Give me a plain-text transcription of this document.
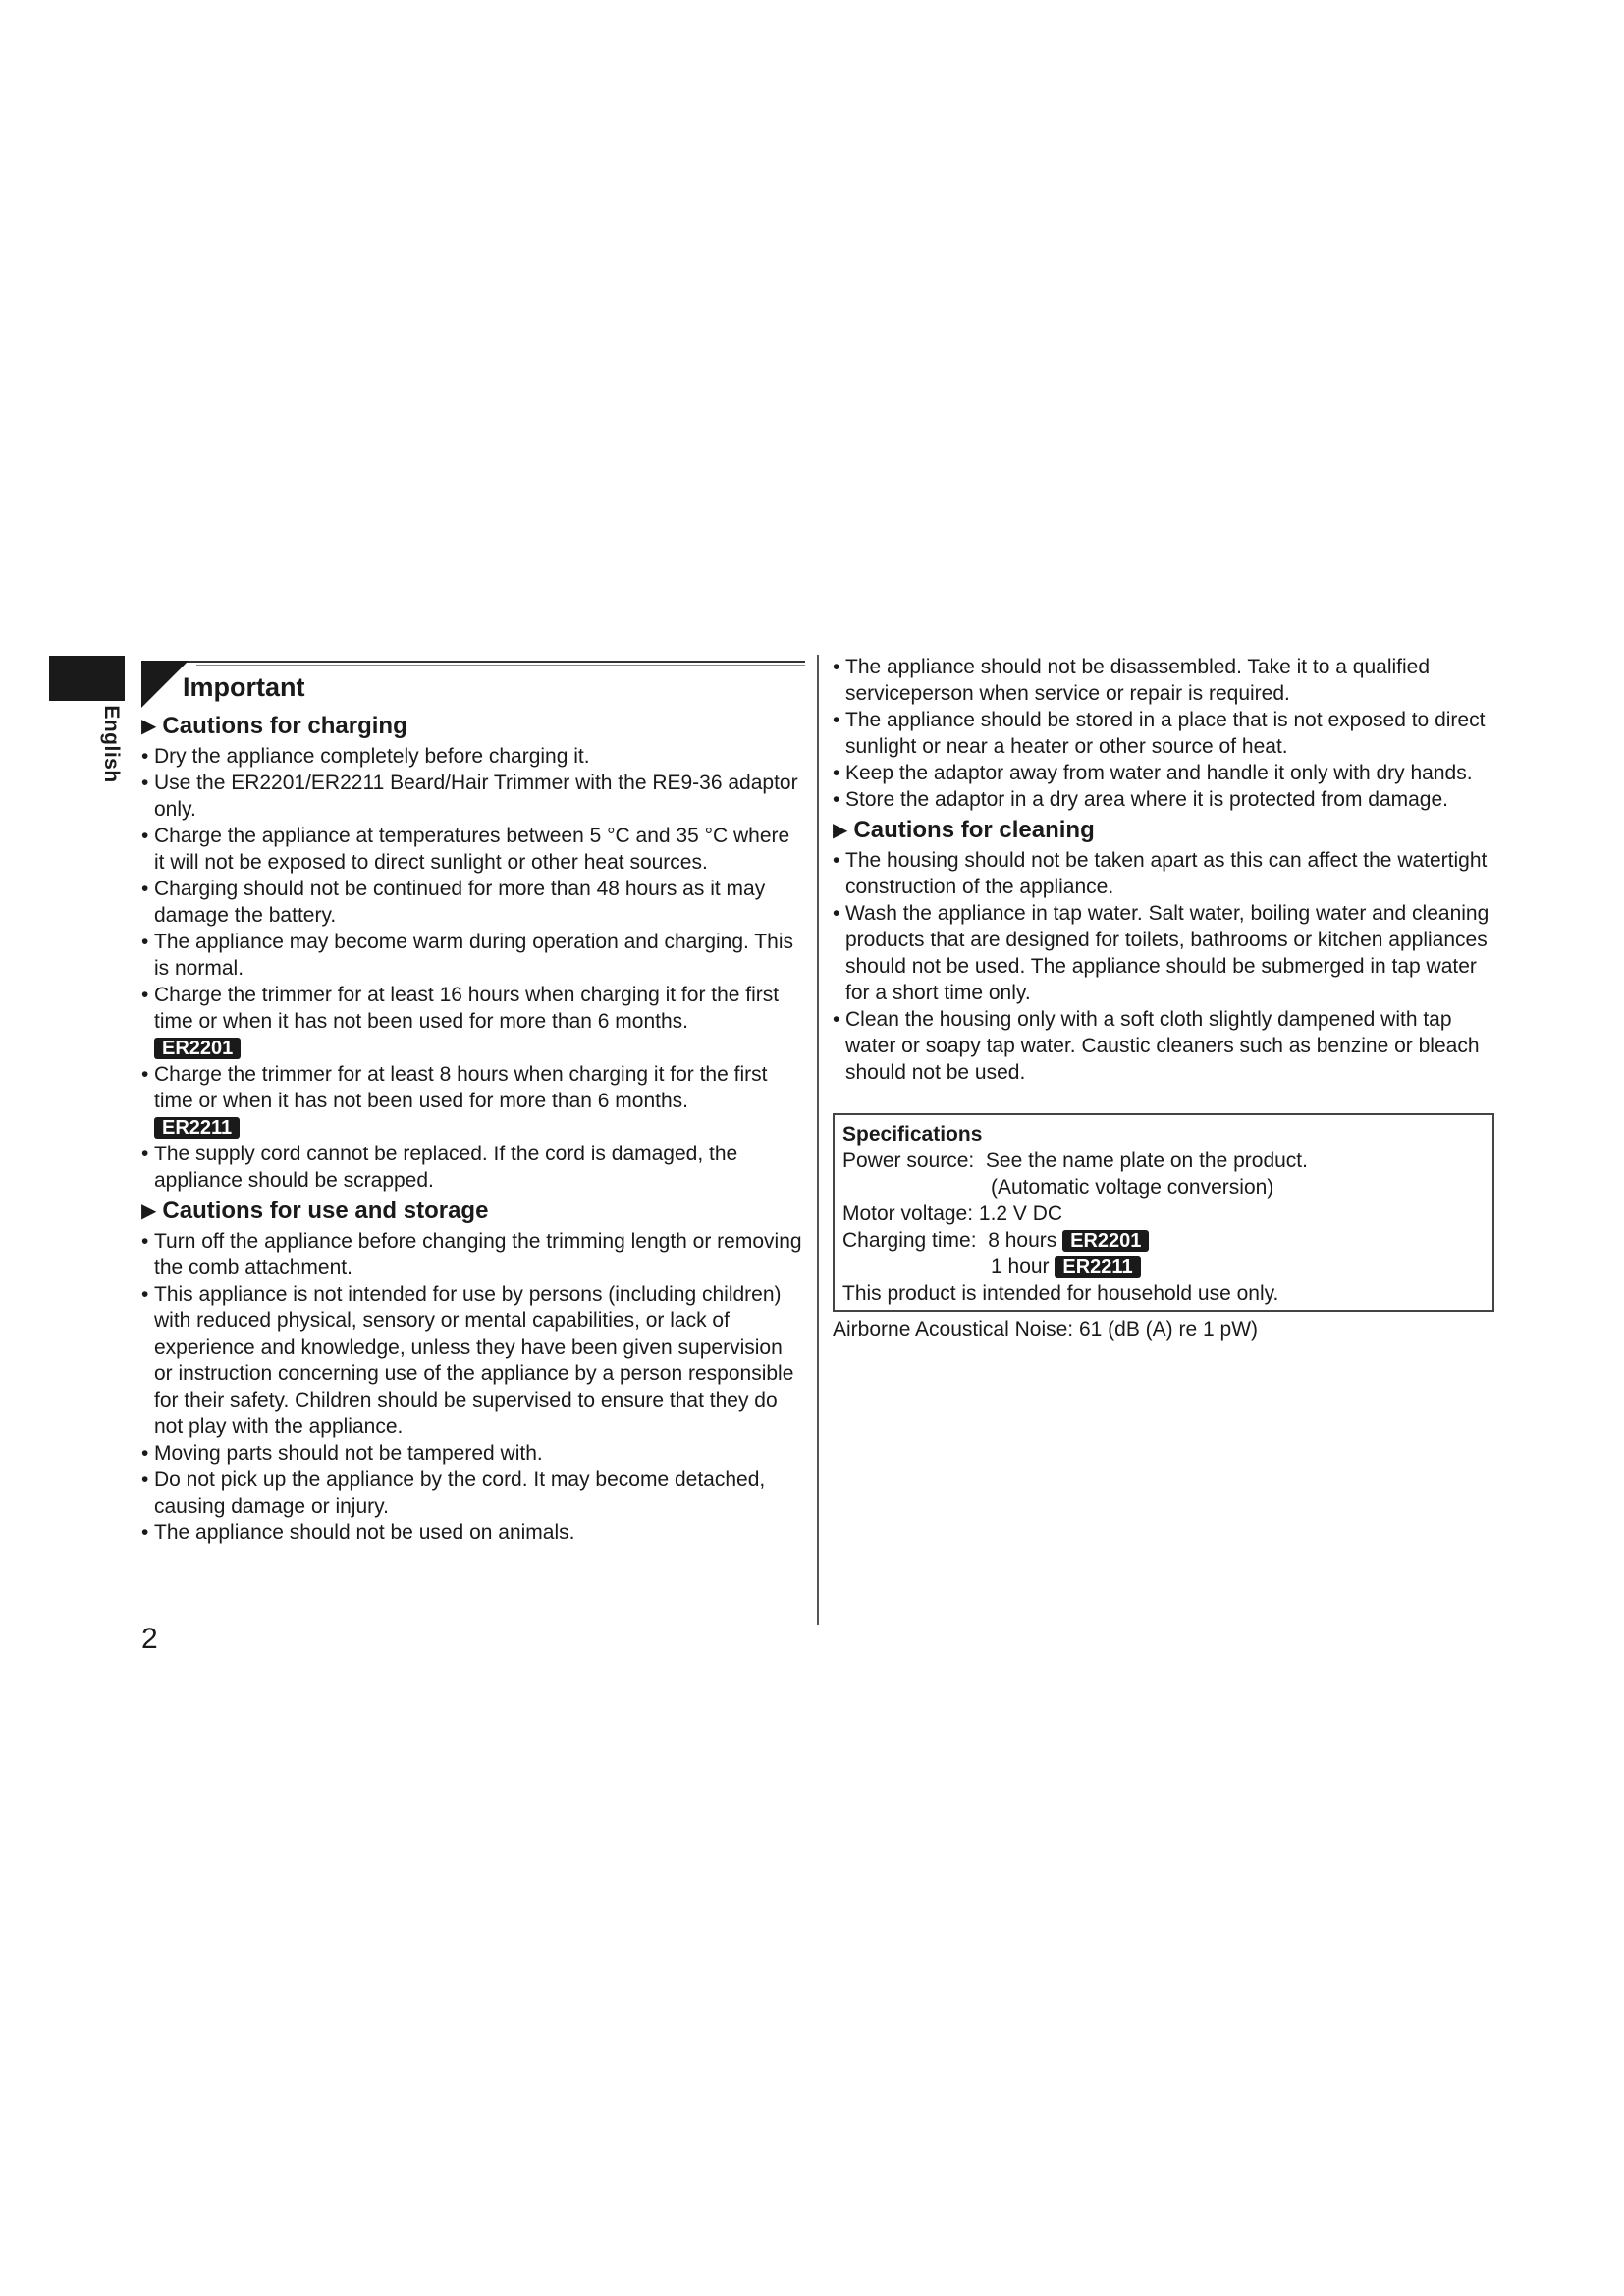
English
2
Important
▶ Cautions for charging
• Dry the appliance completely before charging it.
• Use the ER2201/ER2211 Beard/Hair Trimmer with the RE9-36 adaptor only.
• Charge the appliance at temperatures between 5 °C and 35 °C where it will not be exposed to direct sunlight or other heat sources.
• Charging should not be continued for more than 48 hours as it may damage the battery.
• The appliance may become warm during operation and charging. This is normal.
• Charge the trimmer for at least 16 hours when charging it for the first time or when it has not been used for more than 6 months.
ER2201
• Charge the trimmer for at least 8 hours when charging it for the first time or when it has not been used for more than 6 months.
ER2211
• The supply cord cannot be replaced. If the cord is damaged, the appliance should be scrapped.
▶ Cautions for use and storage
• Turn off the appliance before changing the trimming length or removing the comb attachment.
• This appliance is not intended for use by persons (including children) with reduced physical, sensory or mental capabilities, or lack of experience and knowledge, unless they have been given supervision or instruction concerning use of the appliance by a person responsible for their safety. Children should be supervised to ensure that they do not play with the appliance.
• Moving parts should not be tampered with.
• Do not pick up the appliance by the cord. It may become detached, causing damage or injury.
• The appliance should not be used on animals.
• The appliance should not be disassembled. Take it to a qualified serviceperson when service or repair is required.
• The appliance should be stored in a place that is not exposed to direct sunlight or near a heater or other source of heat.
• Keep the adaptor away from water and handle it only with dry hands.
• Store the adaptor in a dry area where it is protected from damage.
▶ Cautions for cleaning
• The housing should not be taken apart as this can affect the watertight construction of the appliance.
• Wash the appliance in tap water. Salt water, boiling water and cleaning products that are designed for toilets, bathrooms or kitchen appliances should not be used. The appliance should be submerged in tap water for a short time only.
• Clean the housing only with a soft cloth slightly dampened with tap water or soapy tap water. Caustic cleaners such as benzine or bleach should not be used.
Specifications
Power source: See the name plate on the product.
(Automatic voltage conversion)
Motor voltage: 1.2 V DC
Charging time: 8 hours ER2201
1 hour ER2211
This product is intended for household use only.
Airborne Acoustical Noise: 61 (dB (A) re 1 pW)
